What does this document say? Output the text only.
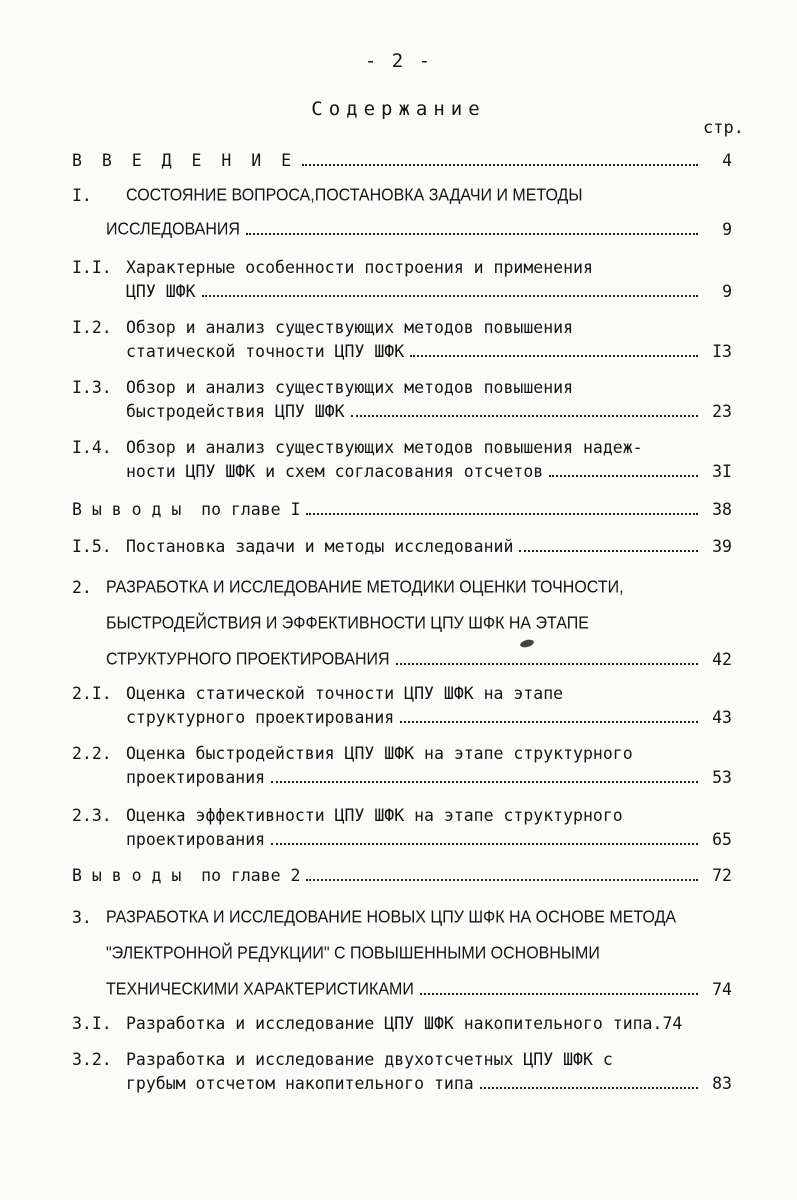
- 2 -
Содержание
стр.
В В Е Д Е Н И Е	4
I.	СОСТОЯНИЕ ВОПРОСА,ПОСТАНОВКА ЗАДАЧИ И МЕТОДЫ
ИССЛЕДОВАНИЯ	9
I.I. Характерные особенности построения и применения
ЦПУ ШФК	9
I.2. Обзор и анализ существующих методов повышения
статической точности ЦПУ ШФК	I3
I.3. Обзор и анализ существующих методов повышения
быстродействия ЦПУ ШФК	23
I.4. Обзор и анализ существующих методов повышения надеж-
ности ЦПУ ШФК и схем согласования отсчетов	3I
В ы в о д ы  по главе I	38
I.5. Постановка задачи и методы исследований	39
2. РАЗРАБОТКА И ИССЛЕДОВАНИЕ МЕТОДИКИ ОЦЕНКИ ТОЧНОСТИ,
БЫСТРОДЕЙСТВИЯ И ЭФФЕКТИВНОСТИ ЦПУ ШФК НА ЭТАПЕ
СТРУКТУРНОГО ПРОЕКТИРОВАНИЯ	42
2.I. Оценка статической точности ЦПУ ШФК на этапе
структурного проектирования	43
2.2. Оценка быстродействия ЦПУ ШФК на этапе структурного
проектирования	53
2.3. Оценка эффективности ЦПУ ШФК на этапе структурного
проектирования	65
В ы в о д ы  по главе 2	72
3. РАЗРАБОТКА И ИССЛЕДОВАНИЕ НОВЫХ ЦПУ ШФК НА ОСНОВЕ МЕТОДА
"ЭЛЕКТРОННОЙ РЕДУКЦИИ" С ПОВЫШЕННЫМИ ОСНОВНЫМИ
ТЕХНИЧЕСКИМИ ХАРАКТЕРИСТИКАМИ	74
3.I. Разработка и исследование ЦПУ ШФК накопительного типа. 74
3.2. Разработка и исследование двухотсчетных ЦПУ ШФК с
грубым отсчетом накопительного типа	83
